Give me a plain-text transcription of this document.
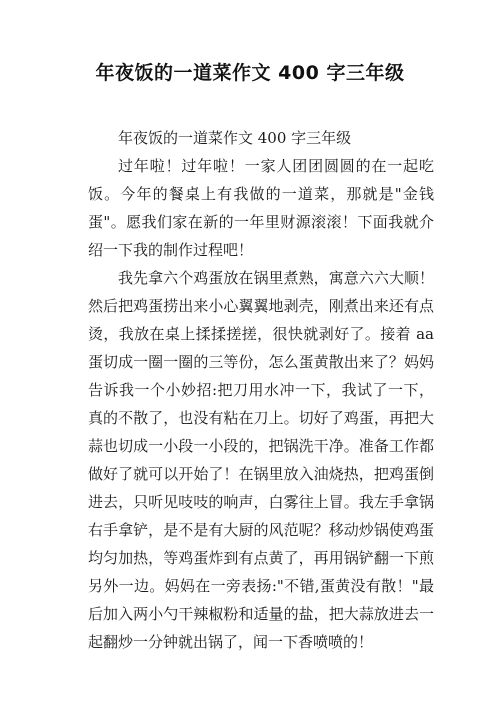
年夜饭的一道菜作文 400 字三年级

年夜饭的一道菜作文 400 字三年级

过年啦！过年啦！一家人团团圆圆的在一起吃饭。今年的餐桌上有我做的一道菜，那就是"金钱蛋"。愿我们家在新的一年里财源滚滚！下面我就介绍一下我的制作过程吧！

我先拿六个鸡蛋放在锅里煮熟，寓意六六大顺！然后把鸡蛋捞出来小心翼翼地剥壳，刚煮出来还有点烫，我放在桌上揉揉搓搓，很快就剥好了。接着 aa 蛋切成一圈一圈的三等份，怎么蛋黄散出来了？妈妈告诉我一个小妙招:把刀用水冲一下，我试了一下，真的不散了，也没有粘在刀上。切好了鸡蛋，再把大蒜也切成一小段一小段的，把锅洗干净。准备工作都做好了就可以开始了！在锅里放入油烧热，把鸡蛋倒进去，只听见吱吱的响声，白雾往上冒。我左手拿锅右手拿铲，是不是有大厨的风范呢？移动炒锅使鸡蛋均匀加热，等鸡蛋炸到有点黄了，再用锅铲翻一下煎另外一边。妈妈在一旁表扬:"不错,蛋黄没有散！"最后加入两小勺干辣椒粉和适量的盐，把大蒜放进去一起翻炒一分钟就出锅了，闻一下香喷喷的！
